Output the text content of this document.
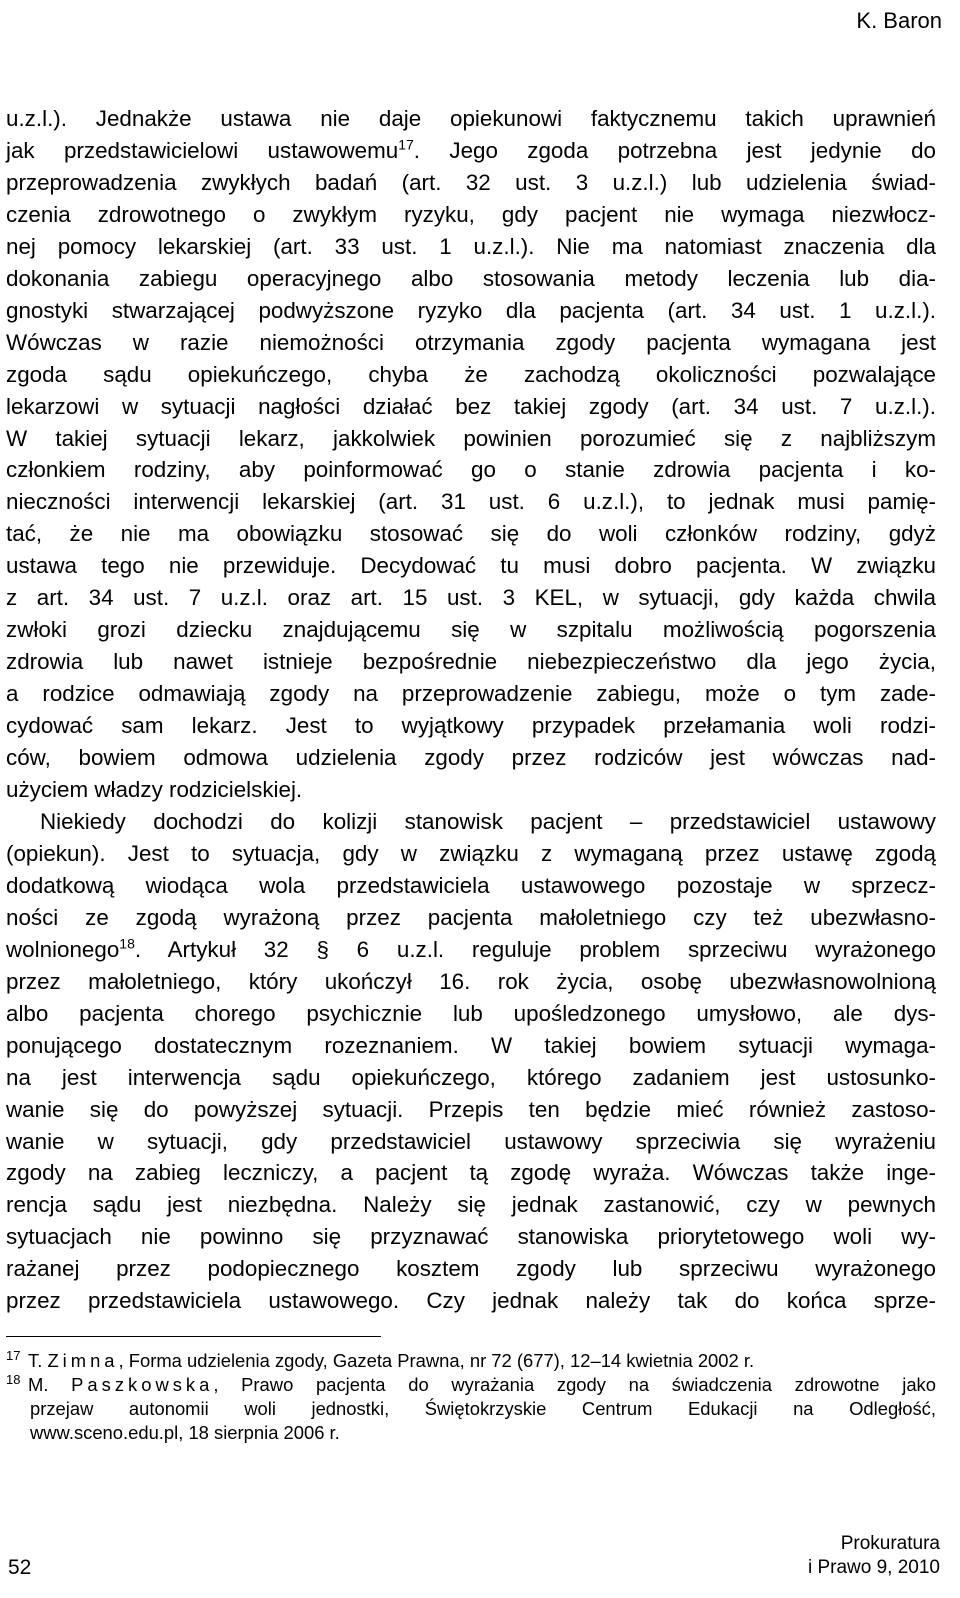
K. Baron
u.z.l.). Jednakże ustawa nie daje opiekunowi faktycznemu takich uprawnień
jak przedstawicielowi ustawowemu$^{17}$. Jego zgoda potrzebna jest jedynie do
przeprowadzenia zwykłych badań (art. 32 ust. 3 u.z.l.) lub udzielenia świad-
czenia zdrowotnego o zwykłym ryzyku, gdy pacjent nie wymaga niezwłocz-
nej pomocy lekarskiej (art. 33 ust. 1 u.z.l.). Nie ma natomiast znaczenia dla
dokonania zabiegu operacyjnego albo stosowania metody leczenia lub dia-
gnostyki stwarzającej podwyższone ryzyko dla pacjenta (art. 34 ust. 1 u.z.l.).
Wówczas w razie niemożności otrzymania zgody pacjenta wymagana jest
zgoda sądu opiekuńczego, chyba że zachodzą okoliczności pozwalające
lekarzowi w sytuacji nagłości działać bez takiej zgody (art. 34 ust. 7 u.z.l.).
W takiej sytuacji lekarz, jakkolwiek powinien porozumieć się z najbliższym
członkiem rodziny, aby poinformować go o stanie zdrowia pacjenta i ko-
nieczności interwencji lekarskiej (art. 31 ust. 6 u.z.l.), to jednak musi pamię-
tać, że nie ma obowiązku stosować się do woli członków rodziny, gdyż
ustawa tego nie przewiduje. Decydować tu musi dobro pacjenta. W związku
z art. 34 ust. 7 u.z.l. oraz art. 15 ust. 3 KEL, w sytuacji, gdy każda chwila
zwłoki grozi dziecku znajdującemu się w szpitalu możliwością pogorszenia
zdrowia lub nawet istnieje bezpośrednie niebezpieczeństwo dla jego życia,
a rodzice odmawiają zgody na przeprowadzenie zabiegu, może o tym zade-
cydować sam lekarz. Jest to wyjątkowy przypadek przełamania woli rodzi-
ców, bowiem odmowa udzielenia zgody przez rodziców jest wówczas nad-
użyciem władzy rodzicielskiej.
Niekiedy dochodzi do kolizji stanowisk pacjent – przedstawiciel ustawowy
(opiekun). Jest to sytuacja, gdy w związku z wymaganą przez ustawę zgodą
dodatkową wiodąca wola przedstawiciela ustawowego pozostaje w sprzecz-
ności ze zgodą wyrażoną przez pacjenta małoletniego czy też ubezwłasno-
wolnionego$^{18}$. Artykuł 32 § 6 u.z.l. reguluje problem sprzeciwu wyrażonego
przez małoletniego, który ukończył 16. rok życia, osobę ubezwłasnowolnioną
albo pacjenta chorego psychicznie lub upośledzonego umysłowo, ale dys-
ponującego dostatecznym rozeznaniem. W takiej bowiem sytuacji wymaga-
na jest interwencja sądu opiekuńczego, którego zadaniem jest ustosunko-
wanie się do powyższej sytuacji. Przepis ten będzie mieć również zastoso-
wanie w sytuacji, gdy przedstawiciel ustawowy sprzeciwia się wyrażeniu
zgody na zabieg leczniczy, a pacjent tą zgodę wyraża. Wówczas także inge-
rencja sądu jest niezbędna. Należy się jednak zastanowić, czy w pewnych
sytuacjach nie powinno się przyznawać stanowiska priorytetowego woli wy-
rażanej przez podopiecznego kosztem zgody lub sprzeciwu wyrażonego
przez przedstawiciela ustawowego. Czy jednak należy tak do końca sprze-
17 T. Zimna, Forma udzielenia zgody, Gazeta Prawna, nr 72 (677), 12–14 kwietnia 2002 r.
18 M. Paszkowska, Prawo pacjenta do wyrażania zgody na świadczenia zdrowotne jako
przejaw autonomii woli jednostki, Świętokrzyskie Centrum Edukacji na Odległość,
www.sceno.edu.pl, 18 sierpnia 2006 r.
52
Prokuratura
i Prawo 9, 2010
